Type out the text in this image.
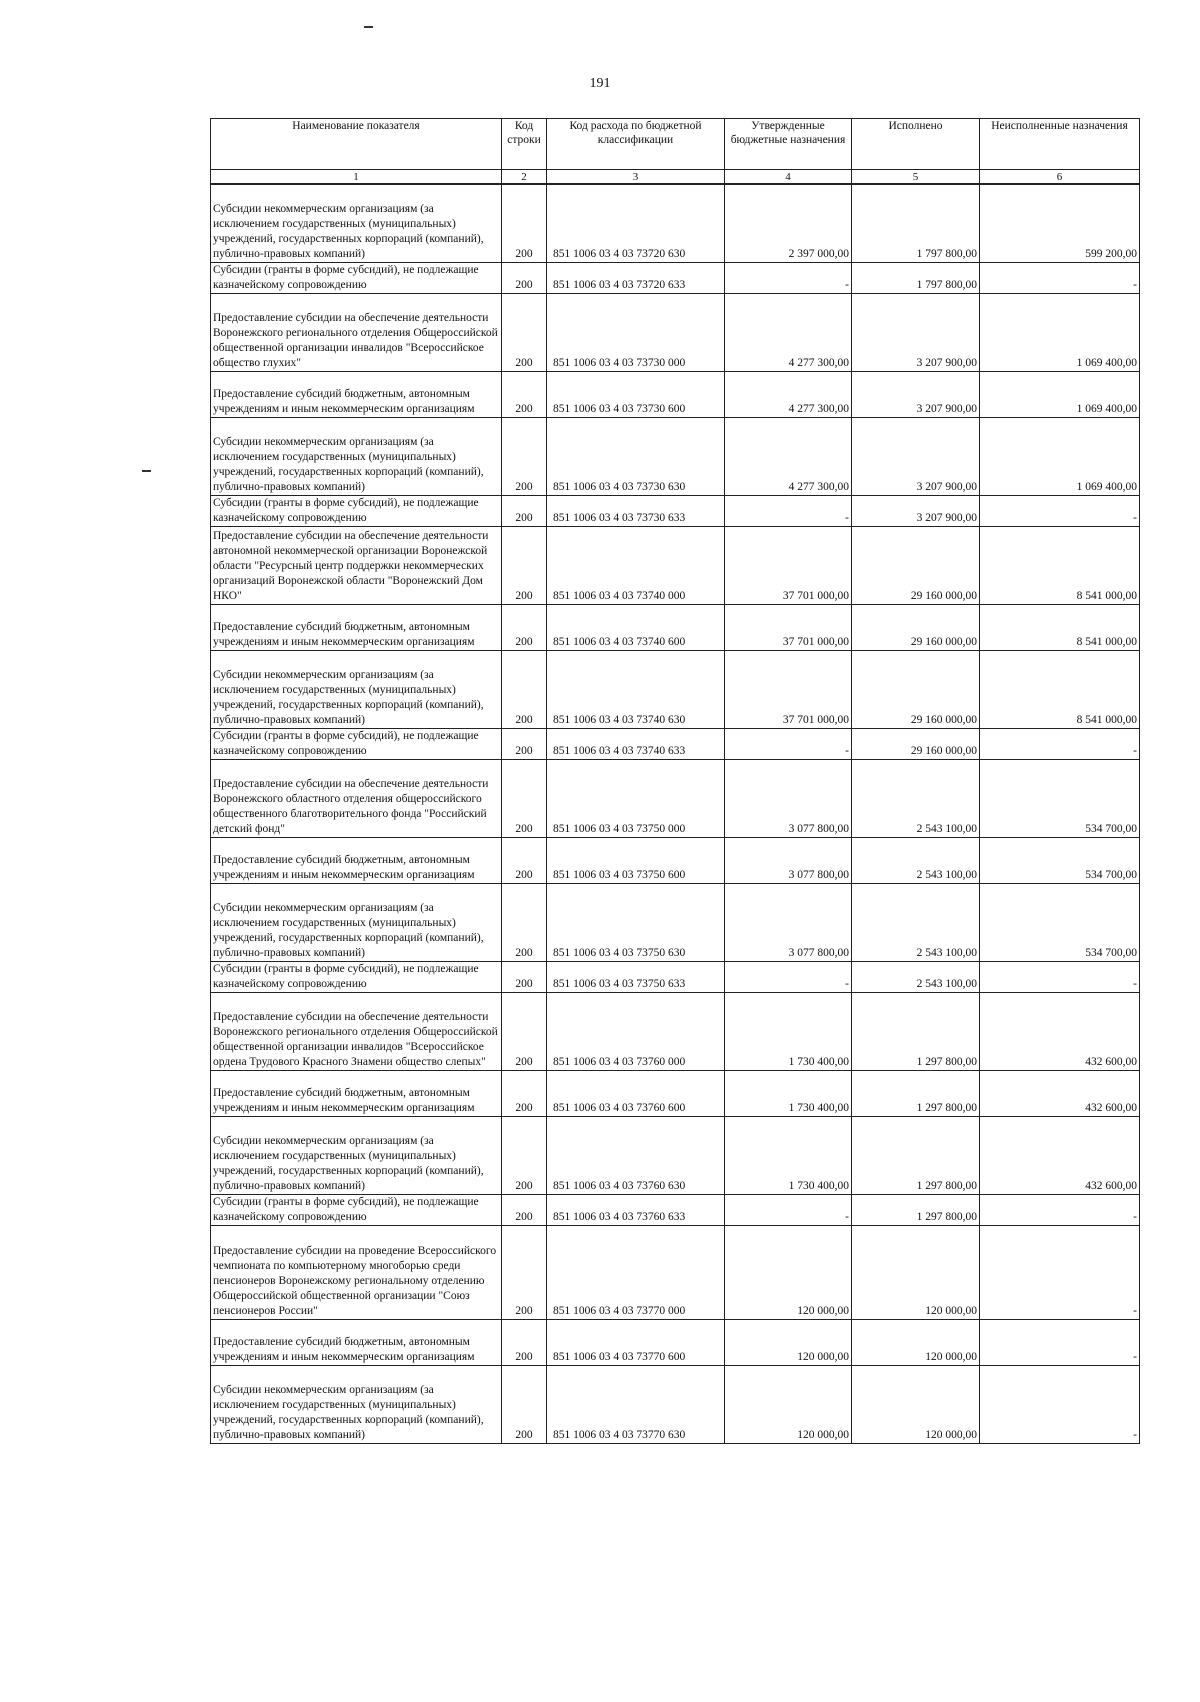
191
Наименование показателя	Код строки	Код расхода по бюджетной классификации	Утвержденные бюджетные назначения	Исполнено	Неисполненные назначения
1	2	3	4	5	6
Субсидии некоммерческим организациям (за исключением государственных (муниципальных) учреждений, государственных корпораций (компаний), публично-правовых компаний)	200	851 1006 03 4 03 73720 630	2 397 000,00	1 797 800,00	599 200,00
Субсидии (гранты в форме субсидий), не подлежащие казначейскому сопровождению	200	851 1006 03 4 03 73720 633	-	1 797 800,00	-
Предоставление субсидии на обеспечение деятельности Воронежского регионального отделения Общероссийской общественной организации инвалидов "Всероссийское общество глухих"	200	851 1006 03 4 03 73730 000	4 277 300,00	3 207 900,00	1 069 400,00
Предоставление субсидий бюджетным, автономным учреждениям и иным некоммерческим организациям	200	851 1006 03 4 03 73730 600	4 277 300,00	3 207 900,00	1 069 400,00
Субсидии некоммерческим организациям (за исключением государственных (муниципальных) учреждений, государственных корпораций (компаний), публично-правовых компаний)	200	851 1006 03 4 03 73730 630	4 277 300,00	3 207 900,00	1 069 400,00
Субсидии (гранты в форме субсидий), не подлежащие казначейскому сопровождению	200	851 1006 03 4 03 73730 633	-	3 207 900,00	-
Предоставление субсидии на обеспечение деятельности автономной некоммерческой организации Воронежской области "Ресурсный центр поддержки некоммерческих организаций Воронежской области "Воронежский Дом НКО"	200	851 1006 03 4 03 73740 000	37 701 000,00	29 160 000,00	8 541 000,00
Предоставление субсидий бюджетным, автономным учреждениям и иным некоммерческим организациям	200	851 1006 03 4 03 73740 600	37 701 000,00	29 160 000,00	8 541 000,00
Субсидии некоммерческим организациям (за исключением государственных (муниципальных) учреждений, государственных корпораций (компаний), публично-правовых компаний)	200	851 1006 03 4 03 73740 630	37 701 000,00	29 160 000,00	8 541 000,00
Субсидии (гранты в форме субсидий), не подлежащие казначейскому сопровождению	200	851 1006 03 4 03 73740 633	-	29 160 000,00	-
Предоставление субсидии на обеспечение деятельности Воронежского областного отделения общероссийского общественного благотворительного фонда "Российский детский фонд"	200	851 1006 03 4 03 73750 000	3 077 800,00	2 543 100,00	534 700,00
Предоставление субсидий бюджетным, автономным учреждениям и иным некоммерческим организациям	200	851 1006 03 4 03 73750 600	3 077 800,00	2 543 100,00	534 700,00
Субсидии некоммерческим организациям (за исключением государственных (муниципальных) учреждений, государственных корпораций (компаний), публично-правовых компаний)	200	851 1006 03 4 03 73750 630	3 077 800,00	2 543 100,00	534 700,00
Субсидии (гранты в форме субсидий), не подлежащие казначейскому сопровождению	200	851 1006 03 4 03 73750 633	-	2 543 100,00	-
Предоставление субсидии на обеспечение деятельности Воронежского регионального отделения Общероссийской общественной организации инвалидов "Всероссийское ордена Трудового Красного Знамени общество слепых"	200	851 1006 03 4 03 73760 000	1 730 400,00	1 297 800,00	432 600,00
Предоставление субсидий бюджетным, автономным учреждениям и иным некоммерческим организациям	200	851 1006 03 4 03 73760 600	1 730 400,00	1 297 800,00	432 600,00
Субсидии некоммерческим организациям (за исключением государственных (муниципальных) учреждений, государственных корпораций (компаний), публично-правовых компаний)	200	851 1006 03 4 03 73760 630	1 730 400,00	1 297 800,00	432 600,00
Субсидии (гранты в форме субсидий), не подлежащие казначейскому сопровождению	200	851 1006 03 4 03 73760 633	-	1 297 800,00	-
Предоставление субсидии на проведение Всероссийского чемпионата по компьютерному многоборью среди пенсионеров Воронежскому региональному отделению Общероссийской общественной организации "Союз пенсионеров России"	200	851 1006 03 4 03 73770 000	120 000,00	120 000,00	-
Предоставление субсидий бюджетным, автономным учреждениям и иным некоммерческим организациям	200	851 1006 03 4 03 73770 600	120 000,00	120 000,00	-
Субсидии некоммерческим организациям (за исключением государственных (муниципальных) учреждений, государственных корпораций (компаний), публично-правовых компаний)	200	851 1006 03 4 03 73770 630	120 000,00	120 000,00	-
